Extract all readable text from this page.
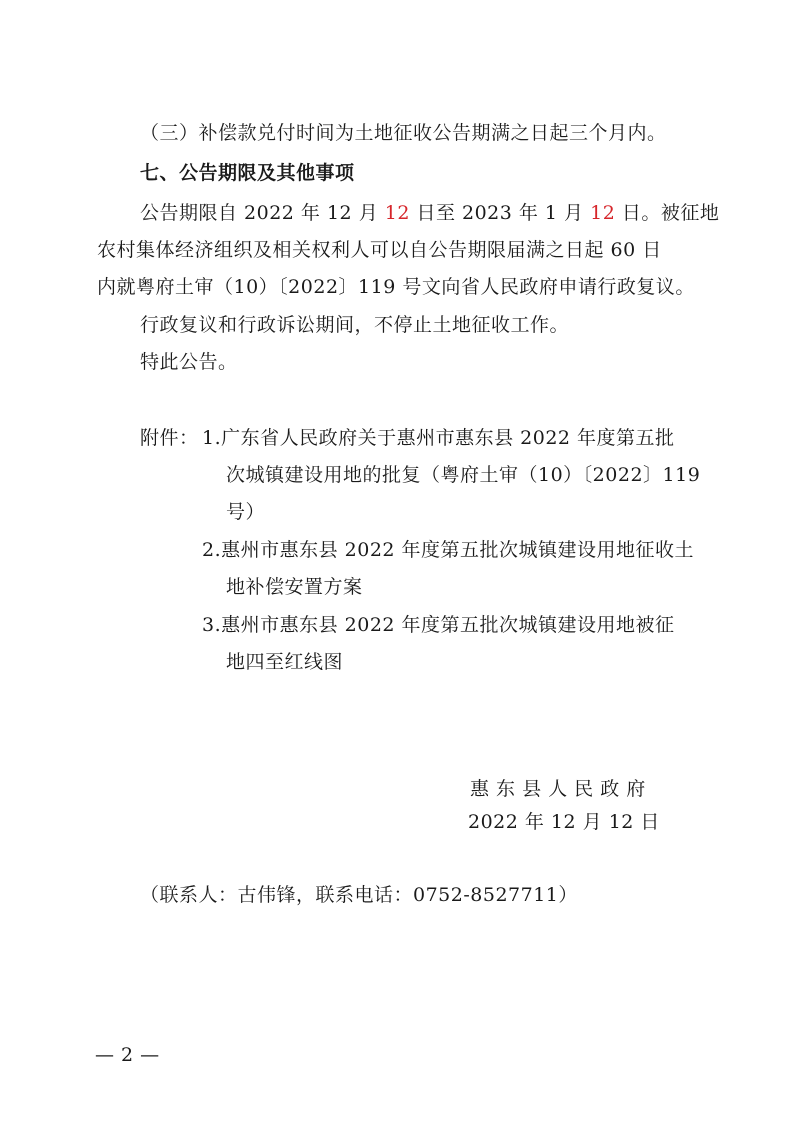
（三）补偿款兑付时间为土地征收公告期满之日起三个月内。
七、公告期限及其他事项
公告期限自 2022 年 12 月 12 日至 2023 年 1 月 12 日。被征地
农村集体经济组织及相关权利人可以自公告期限届满之日起 60 日
内就粤府土审（10）〔2022〕119 号文向省人民政府申请行政复议。
行政复议和行政诉讼期间，不停止土地征收工作。
特此公告。
附件： 1.广东省人民政府关于惠州市惠东县 2022 年度第五批
次城镇建设用地的批复（粤府土审（10）〔2022〕119
号）
2.惠州市惠东县 2022 年度第五批次城镇建设用地征收土
地补偿安置方案
3.惠州市惠东县 2022 年度第五批次城镇建设用地被征
地四至红线图
惠 东 县 人 民 政 府
2022 年 12 月 12 日
（联系人：古伟锋，联系电话：0752-8527711）
— 2 —
